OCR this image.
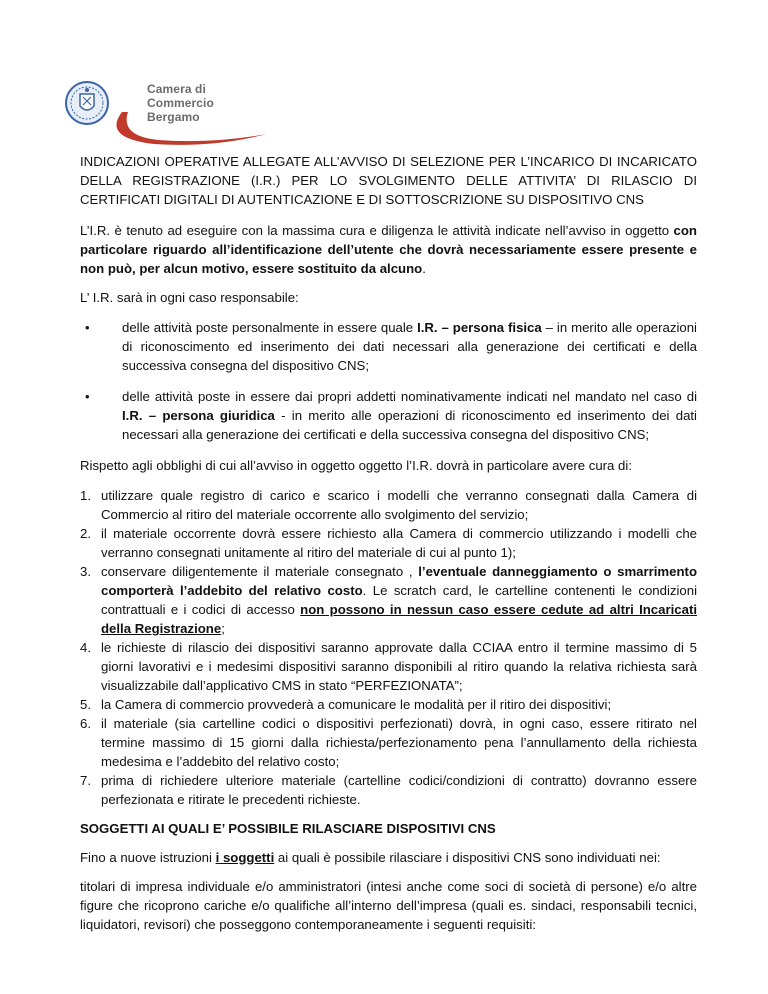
Camera di Commercio
Bergamo

INDICAZIONI OPERATIVE ALLEGATE ALL’AVVISO DI SELEZIONE PER L’INCARICO DI INCARICATO DELLA REGISTRAZIONE (I.R.) PER LO SVOLGIMENTO DELLE ATTIVITA’ DI RILASCIO DI CERTIFICATI DIGITALI DI AUTENTICAZIONE E DI SOTTOSCRIZIONE SU DISPOSITIVO CNS

L’I.R. è tenuto ad eseguire con la massima cura e diligenza le attività indicate nell’avviso in oggetto con particolare riguardo all’identificazione dell’utente che dovrà necessariamente essere presente e non può, per alcun motivo, essere sostituito da alcuno.

L’ I.R. sarà in ogni caso responsabile:

• delle attività poste personalmente in essere quale I.R. – persona fisica – in merito alle operazioni di riconoscimento ed inserimento dei dati necessari alla generazione dei certificati e della successiva consegna del dispositivo CNS;
• delle attività poste in essere dai propri addetti nominativamente indicati nel mandato nel caso di I.R. – persona giuridica - in merito alle operazioni di riconoscimento ed inserimento dei dati necessari alla generazione dei certificati e della successiva consegna del dispositivo CNS;

Rispetto agli obblighi di cui all’avviso in oggetto oggetto l’I.R. dovrà in particolare avere cura di:

1. utilizzare quale registro di carico e scarico i modelli che verranno consegnati dalla Camera di Commercio al ritiro del materiale occorrente allo svolgimento del servizio;
2. il materiale occorrente dovrà essere richiesto alla Camera di commercio utilizzando i modelli che verranno consegnati unitamente al ritiro del materiale di cui al punto 1);
3. conservare diligentemente il materiale consegnato , l’eventuale danneggiamento o smarrimento comporterà l’addebito del relativo costo. Le scratch card, le cartelline contenenti le condizioni contrattuali e i codici di accesso non possono in nessun caso essere cedute ad altri Incaricati della Registrazione;
4. le richieste di rilascio dei dispositivi saranno approvate dalla CCIAA entro il termine massimo di 5 giorni lavorativi e i medesimi dispositivi saranno disponibili al ritiro quando la relativa richiesta sarà visualizzabile dall’applicativo CMS in stato “PERFEZIONATA”;
5. la Camera di commercio provvederà a comunicare le modalità per il ritiro dei dispositivi;
6. il materiale (sia cartelline codici o dispositivi perfezionati) dovrà, in ogni caso, essere ritirato nel termine massimo di 15 giorni dalla richiesta/perfezionamento pena l’annullamento della richiesta medesima e l’addebito del relativo costo;
7. prima di richiedere ulteriore materiale (cartelline codici/condizioni di contratto) dovranno essere perfezionata e ritirate le precedenti richieste.

SOGGETTI AI QUALI E’ POSSIBILE RILASCIARE DISPOSITIVI CNS

Fino a nuove istruzioni i soggetti ai quali è possibile rilasciare i dispositivi CNS sono individuati nei:

titolari di impresa individuale e/o amministratori (intesi anche come soci di società di persone) e/o altre figure che ricoprono cariche e/o qualifiche all’interno dell’impresa (quali es. sindaci, responsabili tecnici, liquidatori, revisori) che posseggono contemporaneamente i seguenti requisiti:
